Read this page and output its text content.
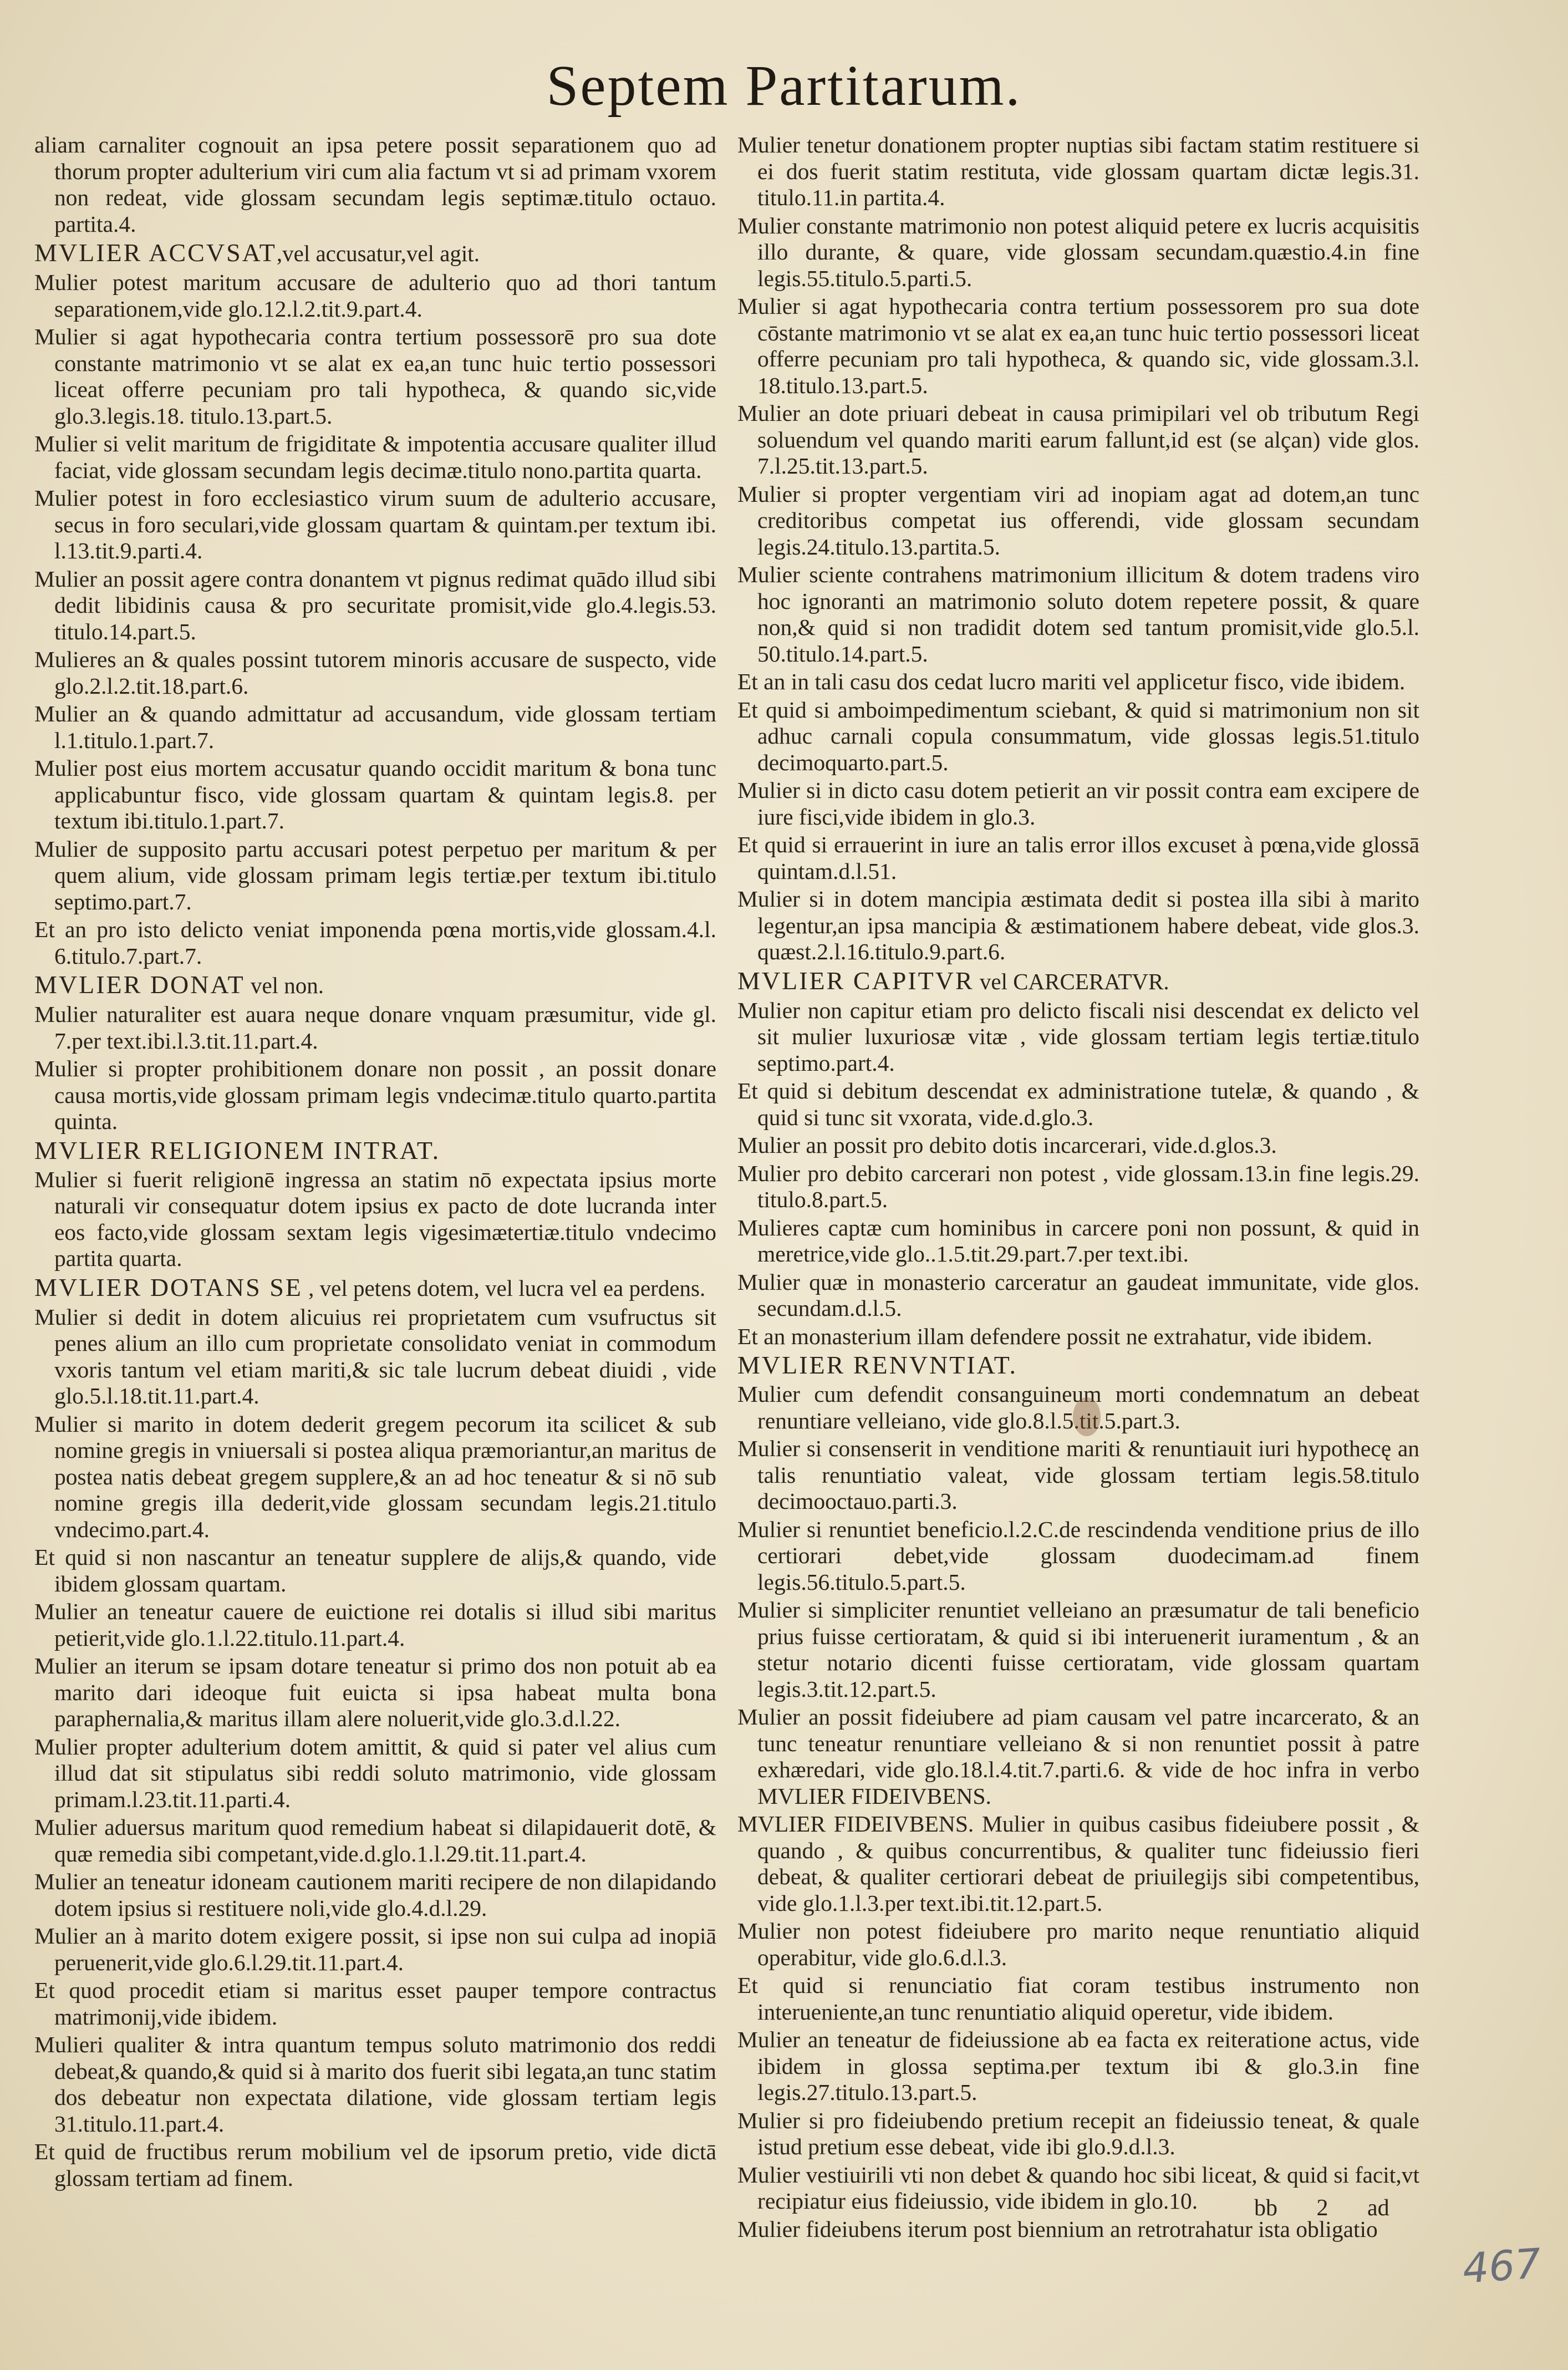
Septem Partitarum.

aliam carnaliter cognouit an ipsa petere possit separationem quo ad thorum propter adulterium viri cum alia factum vt si ad primam vxorem non redeat, vide glossam secundam legis septimæ.titulo octauo. partita.4.

MVLIER ACCVSAT,vel accusatur,vel agit.

Mulier potest maritum accusare de adulterio quo ad thori tantum separationem,vide glo.12.l.2.tit.9.part.4.

Mulier si agat hypothecaria contra tertium possessorē pro sua dote constante matrimonio vt se alat ex ea,an tunc huic tertio possessori liceat offerre pecuniam pro tali hypotheca, & quando sic,vide glo.3.legis.18. titulo.13.part.5.

Mulier si velit maritum de frigiditate & impotentia accusare qualiter illud faciat, vide glossam secundam legis decimæ.titulo nono.partita quarta.

Mulier potest in foro ecclesiastico virum suum de adulterio accusare, secus in foro seculari,vide glossam quartam & quintam.per textum ibi. l.13.tit.9.parti.4.

Mulier an possit agere contra donantem vt pignus redimat quādo illud sibi dedit libidinis causa & pro securitate promisit,vide glo.4.legis.53. titulo.14.part.5.

Mulieres an & quales possint tutorem minoris accusare de suspecto, vide glo.2.l.2.tit.18.part.6.

Mulier an & quando admittatur ad accusandum, vide glossam tertiam l.1.titulo.1.part.7.

Mulier post eius mortem accusatur quando occidit maritum & bona tunc applicabuntur fisco, vide glossam quartam & quintam legis.8. per textum ibi.titulo.1.part.7.

Mulier de supposito partu accusari potest perpetuo per maritum & per quem alium, vide glossam primam legis tertiæ.per textum ibi.titulo septimo.part.7.

Et an pro isto delicto veniat imponenda pœna mortis,vide glossam.4.l. 6.titulo.7.part.7.

MVLIER DONAT vel non.

Mulier naturaliter est auara neque donare vnquam præsumitur, vide gl. 7.per text.ibi.l.3.tit.11.part.4.

Mulier si propter prohibitionem donare non possit , an possit donare causa mortis,vide glossam primam legis vndecimæ.titulo quarto.partita quinta.

MVLIER RELIGIONEM INTRAT.

Mulier si fuerit religionē ingressa an statim nō expectata ipsius morte naturali vir consequatur dotem ipsius ex pacto de dote lucranda inter eos facto,vide glossam sextam legis vigesimætertiæ.titulo vndecimo partita quarta.

MVLIER DOTANS SE , vel petens dotem, vel lucra vel ea perdens.

Mulier si dedit in dotem alicuius rei proprietatem cum vsufructus sit penes alium an illo cum proprietate consolidato veniat in commodum vxoris tantum vel etiam mariti,& sic tale lucrum debeat diuidi , vide glo.5.l.18.tit.11.part.4.

Mulier si marito in dotem dederit gregem pecorum ita scilicet & sub nomine gregis in vniuersali si postea aliqua præmoriantur,an maritus de postea natis debeat gregem supplere,& an ad hoc teneatur & si nō sub nomine gregis illa dederit,vide glossam secundam legis.21.titulo vndecimo.part.4.

Et quid si non nascantur an teneatur supplere de alijs,& quando, vide ibidem glossam quartam.

Mulier an teneatur cauere de euictione rei dotalis si illud sibi maritus petierit,vide glo.1.l.22.titulo.11.part.4.

Mulier an iterum se ipsam dotare teneatur si primo dos non potuit ab ea marito dari ideoque fuit euicta si ipsa habeat multa bona paraphernalia,& maritus illam alere noluerit,vide glo.3.d.l.22.

Mulier propter adulterium dotem amittit, & quid si pater vel alius cum illud dat sit stipulatus sibi reddi soluto matrimonio, vide glossam primam.l.23.tit.11.parti.4.

Mulier aduersus maritum quod remedium habeat si dilapidauerit dotē, & quæ remedia sibi competant,vide.d.glo.1.l.29.tit.11.part.4.

Mulier an teneatur idoneam cautionem mariti recipere de non dilapidando dotem ipsius si restituere noli,vide glo.4.d.l.29.

Mulier an à marito dotem exigere possit, si ipse non sui culpa ad inopiā peruenerit,vide glo.6.l.29.tit.11.part.4.

Et quod procedit etiam si maritus esset pauper tempore contractus matrimonij,vide ibidem.

Mulieri qualiter & intra quantum tempus soluto matrimonio dos reddi debeat,& quando,& quid si à marito dos fuerit sibi legata,an tunc statim dos debeatur non expectata dilatione, vide glossam tertiam legis 31.titulo.11.part.4.

Et quid de fructibus rerum mobilium vel de ipsorum pretio, vide dictā glossam tertiam ad finem.

Mulier tenetur donationem propter nuptias sibi factam statim restituere si ei dos fuerit statim restituta, vide glossam quartam dictæ legis.31. titulo.11.in partita.4.

Mulier constante matrimonio non potest aliquid petere ex lucris acquisitis illo durante, & quare, vide glossam secundam.quæstio.4.in fine legis.55.titulo.5.parti.5.

Mulier si agat hypothecaria contra tertium possessorem pro sua dote cōstante matrimonio vt se alat ex ea,an tunc huic tertio possessori liceat offerre pecuniam pro tali hypotheca, & quando sic, vide glossam.3.l. 18.titulo.13.part.5.

Mulier an dote priuari debeat in causa primipilari vel ob tributum Regi soluendum vel quando mariti earum fallunt,id est (se alçan) vide glos. 7.l.25.tit.13.part.5.

Mulier si propter vergentiam viri ad inopiam agat ad dotem,an tunc creditoribus competat ius offerendi, vide glossam secundam legis.24.titulo.13.partita.5.

Mulier sciente contrahens matrimonium illicitum & dotem tradens viro hoc ignoranti an matrimonio soluto dotem repetere possit, & quare non,& quid si non tradidit dotem sed tantum promisit,vide glo.5.l. 50.titulo.14.part.5.

Et an in tali casu dos cedat lucro mariti vel applicetur fisco, vide ibidem.

Et quid si amboimpedimentum sciebant, & quid si matrimonium non sit adhuc carnali copula consummatum, vide glossas legis.51.titulo decimoquarto.part.5.

Mulier si in dicto casu dotem petierit an vir possit contra eam excipere de iure fisci,vide ibidem in glo.3.

Et quid si errauerint in iure an talis error illos excuset à pœna,vide glossā quintam.d.l.51.

Mulier si in dotem mancipia æstimata dedit si postea illa sibi à marito legentur,an ipsa mancipia & æstimationem habere debeat, vide glos.3. quæst.2.l.16.titulo.9.part.6.

MVLIER CAPITVR vel CARCERATVR.

Mulier non capitur etiam pro delicto fiscali nisi descendat ex delicto vel sit mulier luxuriosæ vitæ , vide glossam tertiam legis tertiæ.titulo septimo.part.4.

Et quid si debitum descendat ex administratione tutelæ, & quando , & quid si tunc sit vxorata, vide.d.glo.3.

Mulier an possit pro debito dotis incarcerari, vide.d.glos.3.

Mulier pro debito carcerari non potest , vide glossam.13.in fine legis.29. titulo.8.part.5.

Mulieres captæ cum hominibus in carcere poni non possunt, & quid in meretrice,vide glo..1.5.tit.29.part.7.per text.ibi.

Mulier quæ in monasterio carceratur an gaudeat immunitate, vide glos. secundam.d.l.5.

Et an monasterium illam defendere possit ne extrahatur, vide ibidem.

MVLIER RENVNTIAT.

Mulier cum defendit consanguineum morti condemnatum an debeat renuntiare velleiano, vide glo.8.l.5.tit.5.part.3.

Mulier si consenserit in venditione mariti & renuntiauit iuri hypothecę an talis renuntiatio valeat, vide glossam tertiam legis.58.titulo decimooctauo.parti.3.

Mulier si renuntiet beneficio.l.2.C.de rescindenda venditione prius de illo certiorari debet,vide glossam duodecimam.ad finem legis.56.titulo.5.part.5.

Mulier si simpliciter renuntiet velleiano an præsumatur de tali beneficio prius fuisse certioratam, & quid si ibi interuenerit iuramentum , & an stetur notario dicenti fuisse certioratam, vide glossam quartam legis.3.tit.12.part.5.

Mulier an possit fideiubere ad piam causam vel patre incarcerato, & an tunc teneatur renuntiare velleiano & si non renuntiet possit à patre exhæredari, vide glo.18.l.4.tit.7.parti.6. & vide de hoc infra in verbo MVLIER FIDEIVBENS.

MVLIER FIDEIVBENS. Mulier in quibus casibus fideiubere possit , & quando , & quibus concurrentibus, & qualiter tunc fideiussio fieri debeat, & qualiter certiorari debeat de priuilegijs sibi competentibus, vide glo.1.l.3.per text.ibi.tit.12.part.5.

Mulier non potest fideiubere pro marito neque renuntiatio aliquid operabitur, vide glo.6.d.l.3.

Et quid si renunciatio fiat coram testibus instrumento non interueniente,an tunc renuntiatio aliquid operetur, vide ibidem.

Mulier an teneatur de fideiussione ab ea facta ex reiteratione actus, vide ibidem in glossa septima.per textum ibi & glo.3.in fine legis.27.titulo.13.part.5.

Mulier si pro fideiubendo pretium recepit an fideiussio teneat, & quale istud pretium esse debeat, vide ibi glo.9.d.l.3.

Mulier vestiuirili vti non debet & quando hoc sibi liceat, & quid si facit,vt recipiatur eius fideiussio, vide ibidem in glo.10.

Mulier fideiubens iterum post biennium an retrotrahatur ista obligatio

bb 2 ad
467
